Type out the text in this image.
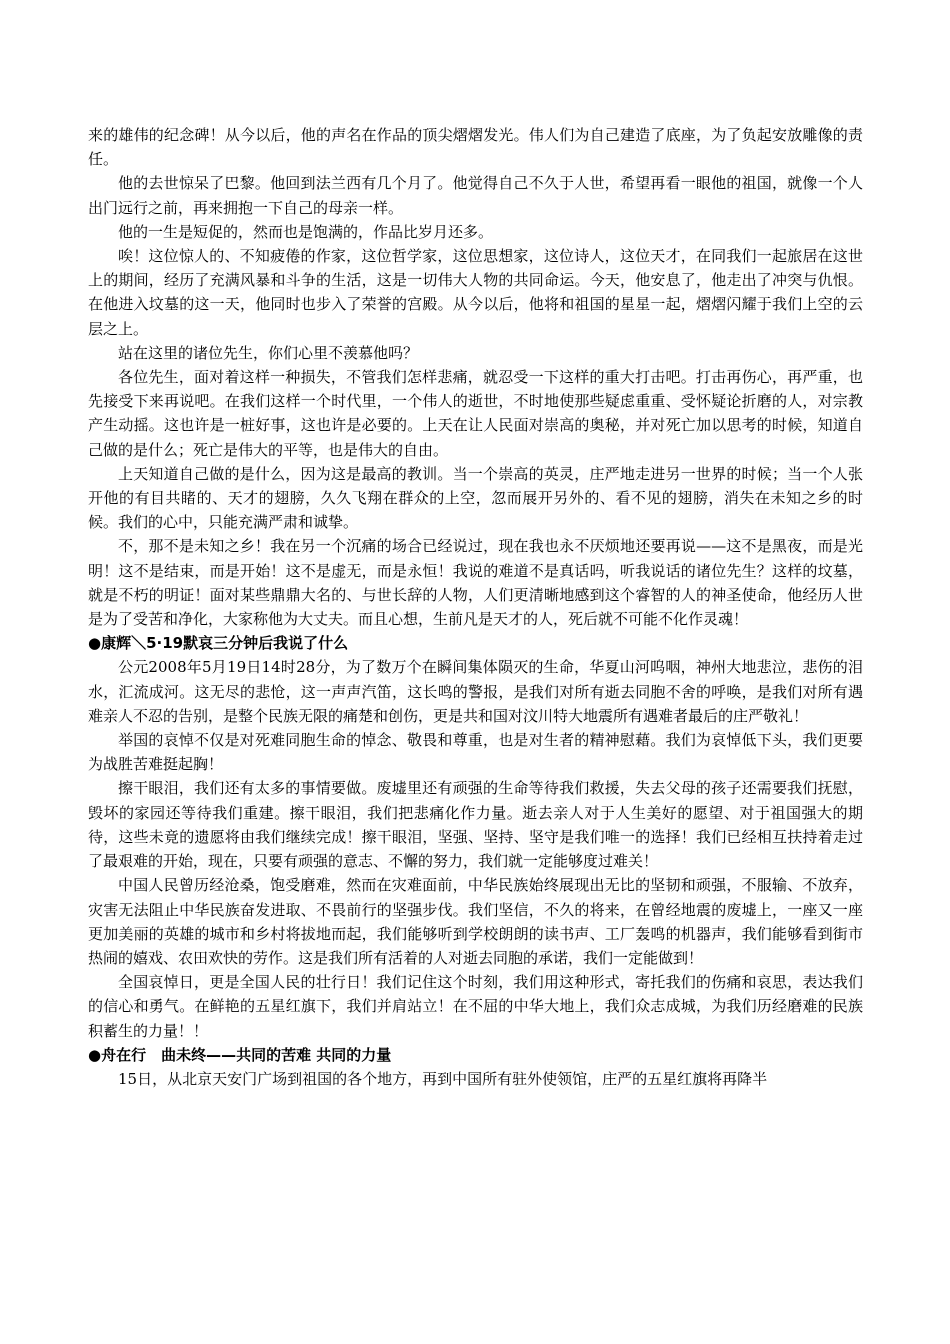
来的雄伟的纪念碑！从今以后，他的声名在作品的顶尖熠熠发光。伟人们为自己建造了底座，为了负起安放雕像的责任。

他的去世惊呆了巴黎。他回到法兰西有几个月了。他觉得自己不久于人世，希望再看一眼他的祖国，就像一个人出门远行之前，再来拥抱一下自己的母亲一样。

他的一生是短促的，然而也是饱满的，作品比岁月还多。

唉！这位惊人的、不知疲倦的作家，这位哲学家，这位思想家，这位诗人，这位天才，在同我们一起旅居在这世上的期间，经历了充满风暴和斗争的生活，这是一切伟大人物的共同命运。今天，他安息了，他走出了冲突与仇恨。在他进入坟墓的这一天，他同时也步入了荣誉的宫殿。从今以后，他将和祖国的星星一起，熠熠闪耀于我们上空的云层之上。

站在这里的诸位先生，你们心里不羡慕他吗？

各位先生，面对着这样一种损失，不管我们怎样悲痛，就忍受一下这样的重大打击吧。打击再伤心，再严重，也先接受下来再说吧。在我们这样一个时代里，一个伟人的逝世，不时地使那些疑虑重重、受怀疑论折磨的人，对宗教产生动摇。这也许是一桩好事，这也许是必要的。上天在让人民面对崇高的奥秘，并对死亡加以思考的时候，知道自己做的是什么；死亡是伟大的平等，也是伟大的自由。

上天知道自己做的是什么，因为这是最高的教训。当一个崇高的英灵，庄严地走进另一世界的时候；当一个人张开他的有目共睹的、天才的翅膀，久久飞翔在群众的上空，忽而展开另外的、看不见的翅膀，消失在未知之乡的时候。我们的心中，只能充满严肃和诚挚。

不，那不是未知之乡！我在另一个沉痛的场合已经说过，现在我也永不厌烦地还要再说——这不是黑夜，而是光明！这不是结束，而是开始！这不是虚无，而是永恒！我说的难道不是真话吗，听我说话的诸位先生？这样的坟墓，就是不朽的明证！面对某些鼎鼎大名的、与世长辞的人物，人们更清晰地感到这个睿智的人的神圣使命，他经历人世是为了受苦和净化，大家称他为大丈夫。而且心想，生前凡是天才的人，死后就不可能不化作灵魂！

●康辉＼5·19默哀三分钟后我说了什么

公元2008年5月19日14时28分，为了数万个在瞬间集体陨灭的生命，华夏山河呜咽，神州大地悲泣，悲伤的泪水，汇流成河。这无尽的悲怆，这一声声汽笛，这长鸣的警报，是我们对所有逝去同胞不舍的呼唤，是我们对所有遇难亲人不忍的告别，是整个民族无限的痛楚和创伤，更是共和国对汶川特大地震所有遇难者最后的庄严敬礼！

举国的哀悼不仅是对死难同胞生命的悼念、敬畏和尊重，也是对生者的精神慰藉。我们为哀悼低下头，我们更要为战胜苦难挺起胸！

擦干眼泪，我们还有太多的事情要做。废墟里还有顽强的生命等待我们救援，失去父母的孩子还需要我们抚慰，毁坏的家园还等待我们重建。擦干眼泪，我们把悲痛化作力量。逝去亲人对于人生美好的愿望、对于祖国强大的期待，这些未竟的遗愿将由我们继续完成！擦干眼泪，坚强、坚持、坚守是我们唯一的选择！我们已经相互扶持着走过了最艰难的开始，现在，只要有顽强的意志、不懈的努力，我们就一定能够度过难关！

中国人民曾历经沧桑，饱受磨难，然而在灾难面前，中华民族始终展现出无比的坚韧和顽强，不服输、不放弃，灾害无法阻止中华民族奋发进取、不畏前行的坚强步伐。我们坚信，不久的将来，在曾经地震的废墟上，一座又一座更加美丽的英雄的城市和乡村将拔地而起，我们能够听到学校朗朗的读书声、工厂轰鸣的机器声，我们能够看到街市热闹的嬉戏、农田欢快的劳作。这是我们所有活着的人对逝去同胞的承诺，我们一定能做到！

全国哀悼日，更是全国人民的壮行日！我们记住这个时刻，我们用这种形式，寄托我们的伤痛和哀思，表达我们的信心和勇气。在鲜艳的五星红旗下，我们并肩站立！在不屈的中华大地上，我们众志成城，为我们历经磨难的民族积蓄生的力量！！

●舟在行　曲未终——共同的苦难 共同的力量

15日，从北京天安门广场到祖国的各个地方，再到中国所有驻外使领馆，庄严的五星红旗将再降半
